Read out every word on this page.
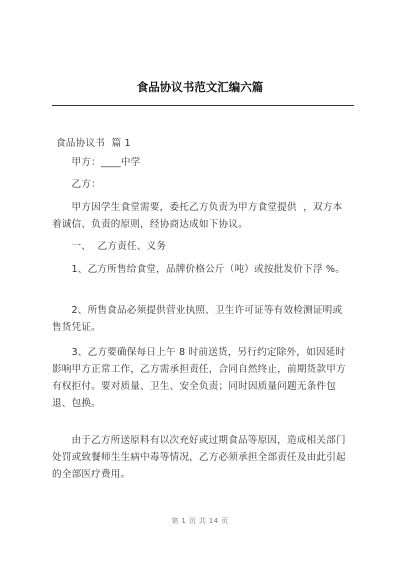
食品协议书范文汇编六篇
食品协议书  篇 1
甲方：____中学
乙方：
甲方因学生食堂需要，委托乙方负责为甲方食堂提供  ，双方本着诚信、负责的原则，经协商达成如下协议。
一、  乙方责任、义务
1、乙方所售给食堂，品牌价格公斤（吨）或按批发价下浮 %。
2、所售食品必须提供营业执照、卫生许可证等有效检测证明或售货凭证。
3、乙方要确保每日上午 8 时前送货，另行约定除外，如因延时影响甲方正常工作，乙方需承担责任，合同自然终止，前期货款甲方有权拒付。要对质量、卫生、安全负责；同时因质量问题无条件包退、包换。
由于乙方所送原料有以次充好或过期食品等原因，造成相关部门处罚或致餐师生生病中毒等情况，乙方必须承担全部责任及由此引起的全部医疗费用。
第 1 页 共 14 页
